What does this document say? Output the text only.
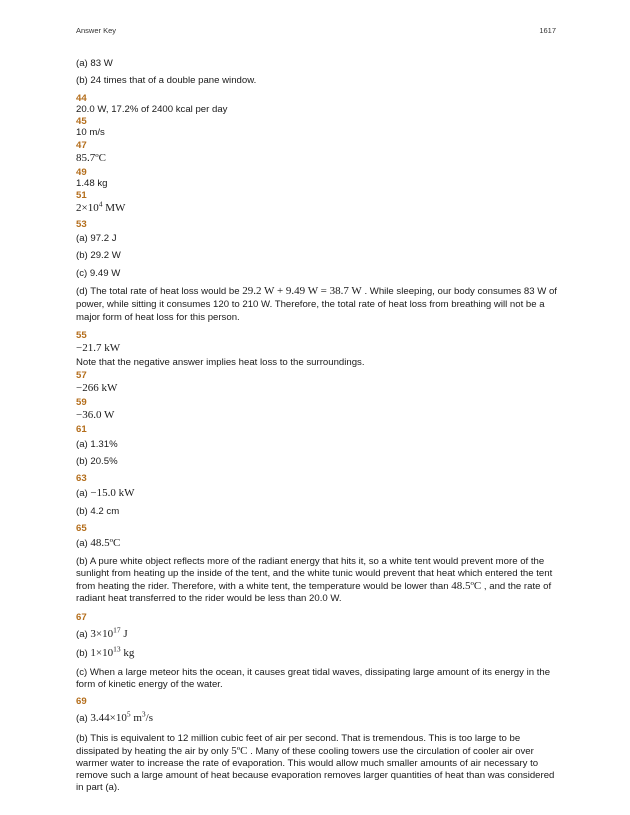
Answer Key	1617

(a) 83 W

(b) 24 times that of a double pane window.

44

20.0 W, 17.2% of 2400 kcal per day

45

10 m/s

47

85.7ºC

49

1.48 kg

51

$2\times 10^4$ MW

53

(a) 97.2 J

(b) 29.2 W

(c) 9.49 W

(d) The total rate of heat loss would be 29.2 W + 9.49 W = 38.7 W . While sleeping, our body consumes 83 W of power, while sitting it consumes 120 to 210 W. Therefore, the total rate of heat loss from breathing will not be a major form of heat loss for this person.

55

−21.7 kW

Note that the negative answer implies heat loss to the surroundings.

57

−266 kW

59

−36.0 W

61

(a) 1.31%

(b) 20.5%

63

(a) −15.0 kW

(b) 4.2 cm

65

(a) 48.5ºC

(b) A pure white object reflects more of the radiant energy that hits it, so a white tent would prevent more of the sunlight from heating up the inside of the tent, and the white tunic would prevent that heat which entered the tent from heating the rider. Therefore, with a white tent, the temperature would be lower than 48.5ºC , and the rate of radiant heat transferred to the rider would be less than 20.0 W.

67

(a) $3\times 10^{17}$ J

(b) $1\times 10^{13}$ kg

(c) When a large meteor hits the ocean, it causes great tidal waves, dissipating large amount of its energy in the form of kinetic energy of the water.

69

(a) $3.44\times 10^5$ $m^3/s$

(b) This is equivalent to 12 million cubic feet of air per second. That is tremendous. This is too large to be dissipated by heating the air by only 5ºC . Many of these cooling towers use the circulation of cooler air over warmer water to increase the rate of evaporation. This would allow much smaller amounts of air necessary to remove such a large amount of heat because evaporation removes larger quantities of heat than was considered in part (a).
